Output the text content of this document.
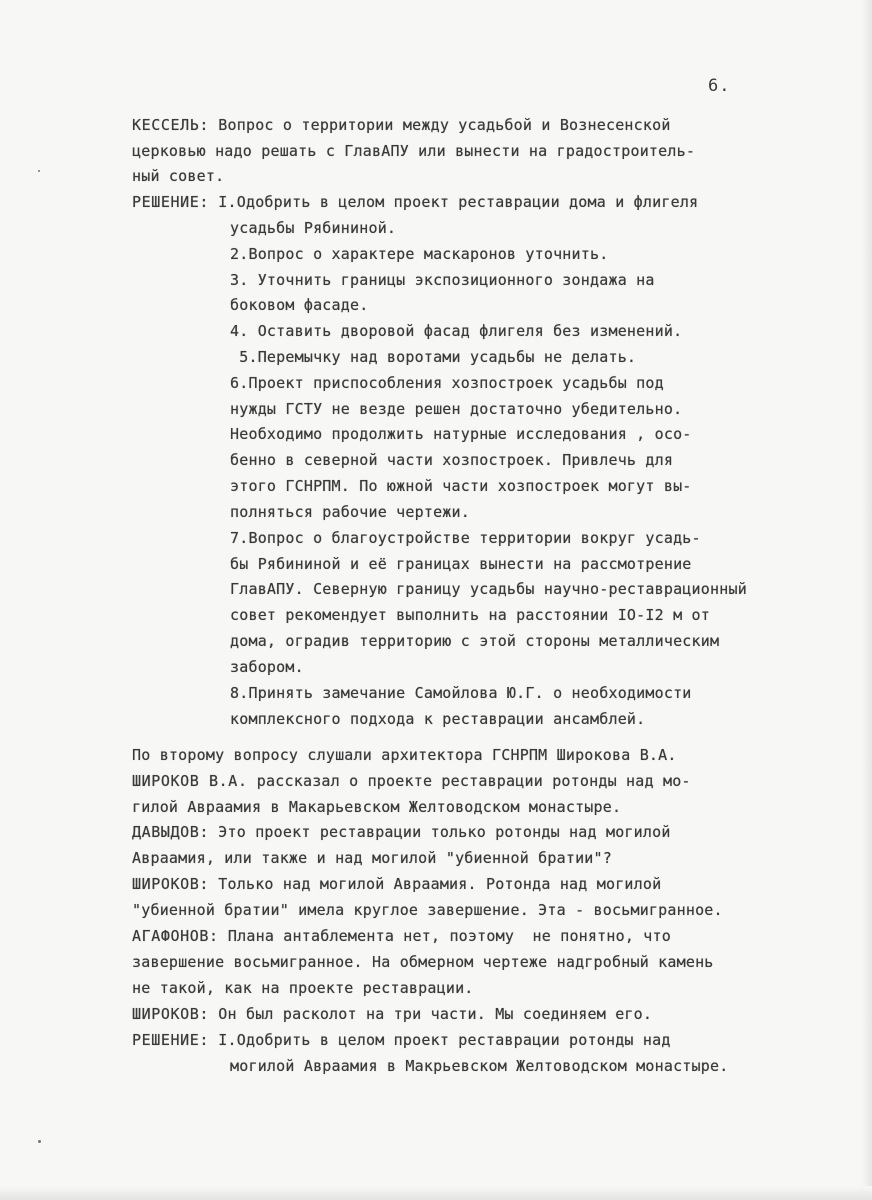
6.
КЕССЕЛЬ: Вопрос о территории между усадьбой и Вознесенской
церковью надо решать с ГлавАПУ или вынести на градостроитель-
ный совет.
РЕШЕНИЕ: I.Одобрить в целом проект реставрации дома и флигеля
усадьбы Рябининой.
2.Вопрос о характере маскаронов уточнить.
3. Уточнить границы экспозиционного зондажа на
боковом фасаде.
4. Оставить дворовой фасад флигеля без изменений.
5.Перемычку над воротами усадьбы не делать.
6.Проект приспособления хозпостроек усадьбы под
нужды ГСТУ не везде решен достаточно убедительно.
Необходимо продолжить натурные исследования , осо-
бенно в северной части хозпостроек. Привлечь для
этого ГСНРПМ. По южной части хозпостроек могут вы-
полняться рабочие чертежи.
7.Вопрос о благоустройстве территории вокруг усадь-
бы Рябининой и её границах вынести на рассмотрение
ГлавАПУ. Северную границу усадьбы научно-реставрационный
совет рекомендует выполнить на расстоянии IO-I2 м от
дома, оградив территорию с этой стороны металлическим
забором.
8.Принять замечание Самойлова Ю.Г. о необходимости
комплексного подхода к реставрации ансамблей.
По второму вопросу слушали архитектора ГСНРПМ Широкова В.А.
ШИРОКОВ В.А. рассказал о проекте реставрации ротонды над мо-
гилой Авраамия в Макарьевском Желтоводском монастыре.
ДАВЫДОВ: Это проект реставрации только ротонды над могилой
Авраамия, или также и над могилой "убиенной братии"?
ШИРОКОВ: Только над могилой Авраамия. Ротонда над могилой
"убиенной братии" имела круглое завершение. Эта - восьмигранное.
АГАФОНОВ: Плана антаблемента нет, поэтому  не понятно, что
завершение восьмигранное. На обмерном чертеже надгробный камень
не такой, как на проекте реставрации.
ШИРОКОВ: Он был расколот на три части. Мы соединяем его.
РЕШЕНИЕ: I.Одобрить в целом проект реставрации ротонды над
могилой Авраамия в Макрьевском Желтоводском монастыре.
